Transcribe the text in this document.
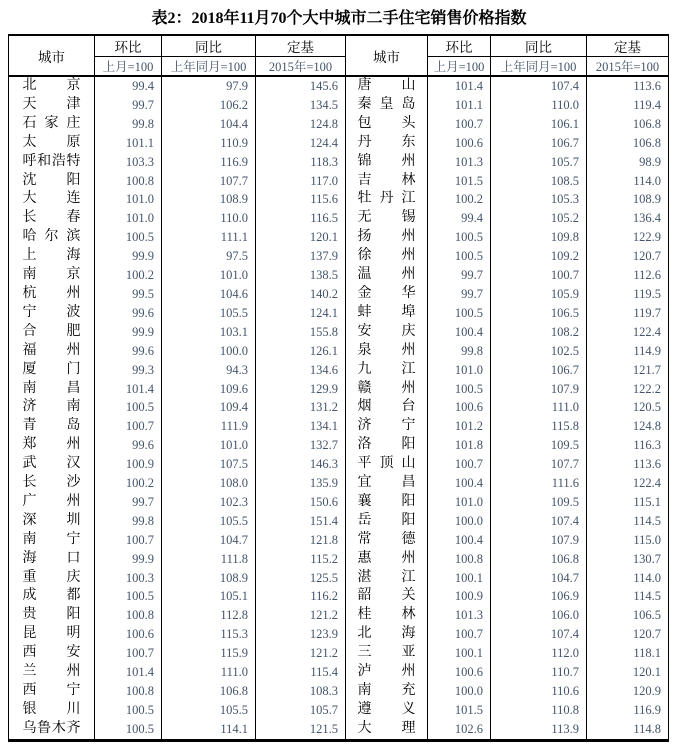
表2：2018年11月70个大中城市二手住宅销售价格指数
城市	环比	同比	定基	城市	环比	同比	定基
	上月=100	上年同月=100	2015年=100		上月=100	上年同月=100	2015年=100

北 京	99.4	97.9	145.6	唐 山	101.4	107.4	113.6

天 津	99.7	106.2	134.5	秦 皇 岛	101.1	110.0	119.4

石 家 庄	99.8	104.4	124.8	包 头	100.7	106.1	106.8

太 原	101.1	110.9	124.4	丹 东	100.6	106.7	106.8

呼 和 浩 特	103.3	116.9	118.3	锦 州	101.3	105.7	98.9

沈 阳	100.8	107.7	117.0	吉 林	101.5	108.5	114.0

大 连	101.0	108.9	115.6	牡 丹 江	100.2	105.3	108.9

长 春	101.0	110.0	116.5	无 锡	99.4	105.2	136.4

哈 尔 滨	100.5	111.1	120.1	扬 州	100.5	109.8	122.9

上 海	99.9	97.5	137.9	徐 州	100.5	109.2	120.7

南 京	100.2	101.0	138.5	温 州	99.7	100.7	112.6

杭 州	99.5	104.6	140.2	金 华	99.7	105.9	119.5

宁 波	99.6	105.5	124.1	蚌 埠	100.5	106.5	119.7

合 肥	99.9	103.1	155.8	安 庆	100.4	108.2	122.4

福 州	99.6	100.0	126.1	泉 州	99.8	102.5	114.9

厦 门	99.3	94.3	134.6	九 江	101.0	106.7	121.7

南 昌	101.4	109.6	129.9	赣 州	100.5	107.9	122.2

济 南	100.5	109.4	131.2	烟 台	100.6	111.0	120.5

青 岛	100.7	111.9	134.1	济 宁	101.2	115.8	124.8

郑 州	99.6	101.0	132.7	洛 阳	101.8	109.5	116.3

武 汉	100.9	107.5	146.3	平 顶 山	100.7	107.7	113.6

长 沙	100.2	108.0	135.9	宜 昌	100.4	111.6	122.4

广 州	99.7	102.3	150.6	襄 阳	101.0	109.5	115.1

深 圳	99.8	105.5	151.4	岳 阳	100.0	107.4	114.5

南 宁	100.7	104.7	121.8	常 德	100.4	107.9	115.0

海 口	99.9	111.8	115.2	惠 州	100.8	106.8	130.7

重 庆	100.3	108.9	125.5	湛 江	100.1	104.7	114.0

成 都	100.5	105.1	116.2	韶 关	100.9	106.9	114.5

贵 阳	100.8	112.8	121.2	桂 林	101.3	106.0	106.5

昆 明	100.6	115.3	123.9	北 海	100.7	107.4	120.7

西 安	100.7	115.9	121.2	三 亚	100.1	112.0	118.1

兰 州	101.4	111.0	115.4	泸 州	100.6	110.7	120.1

西 宁	100.8	106.8	108.3	南 充	100.0	110.6	120.9

银 川	100.5	105.5	105.7	遵 义	101.5	110.8	116.9

乌 鲁 木 齐	100.5	114.1	121.5	大 理	102.6	113.9	114.8
